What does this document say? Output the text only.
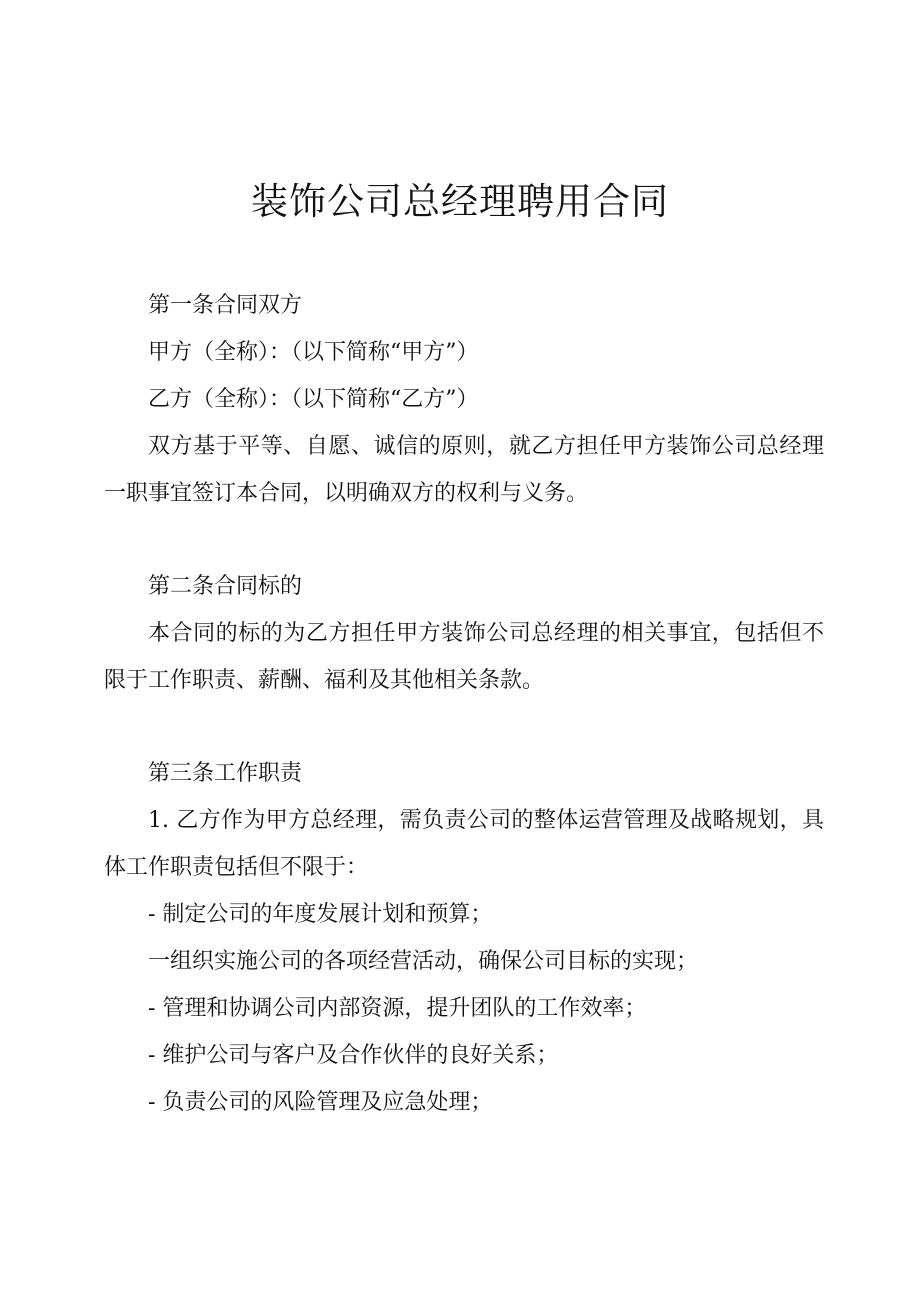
装饰公司总经理聘用合同

第一条合同双方

甲方（全称）：（以下简称“甲方”）

乙方（全称）：（以下简称“乙方”）

双方基于平等、自愿、诚信的原则，就乙方担任甲方装饰公司总经理一职事宜签订本合同，以明确双方的权利与义务。

第二条合同标的

本合同的标的为乙方担任甲方装饰公司总经理的相关事宜，包括但不限于工作职责、薪酬、福利及其他相关条款。

第三条工作职责

1. 乙方作为甲方总经理，需负责公司的整体运营管理及战略规划，具体工作职责包括但不限于：

- 制定公司的年度发展计划和预算；

一组织实施公司的各项经营活动，确保公司目标的实现；

- 管理和协调公司内部资源，提升团队的工作效率；

- 维护公司与客户及合作伙伴的良好关系；

- 负责公司的风险管理及应急处理；
